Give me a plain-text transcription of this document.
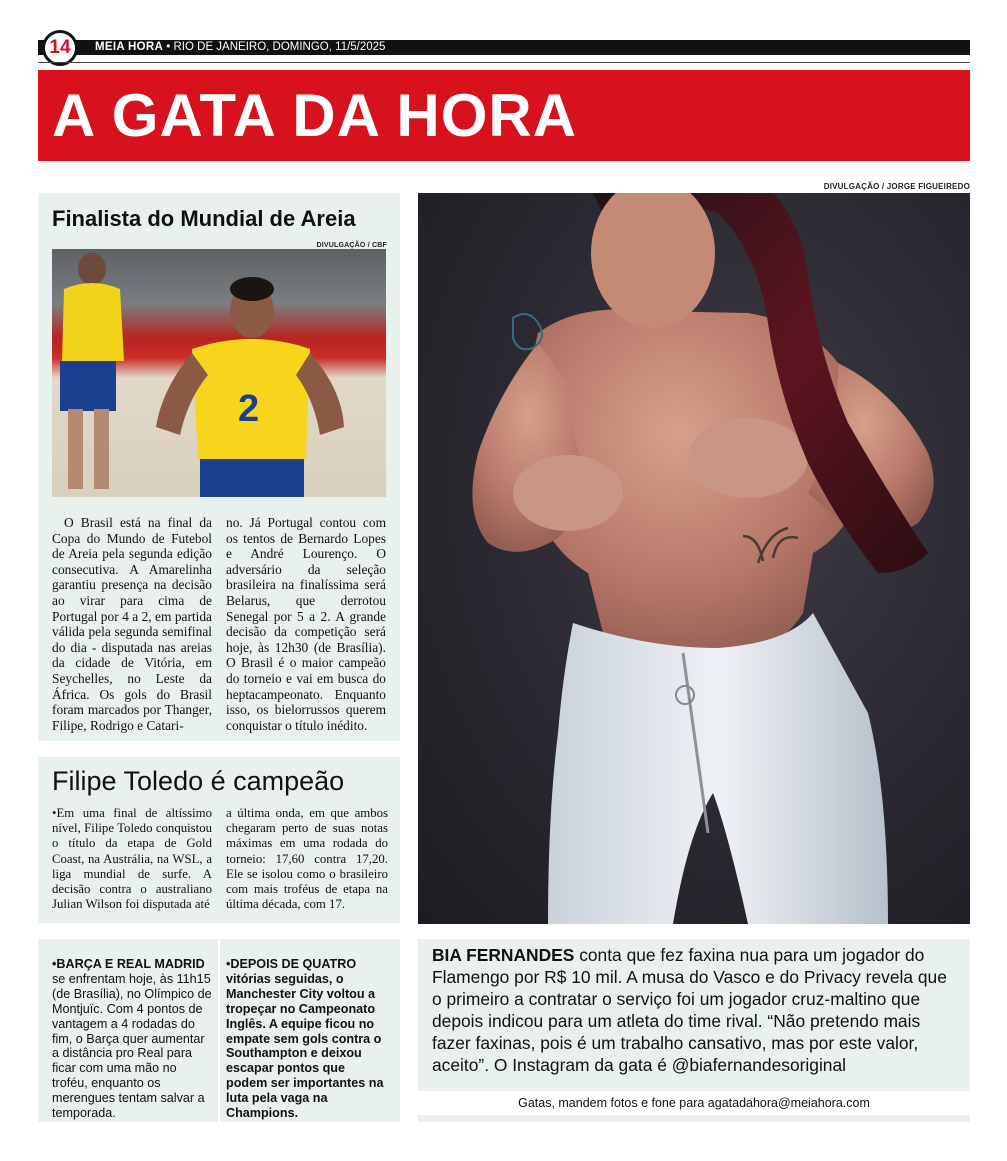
14	MEIA HORA • RIO DE JANEIRO, DOMINGO, 11/5/2025
A GATA DA HORA
DIVULGAÇÃO / JORGE FIGUEIREDO
Finalista do Mundial de Areia
DIVULGAÇÃO / CBF
2
O Brasil está na final da Copa do Mundo de Futebol de Areia pela segunda edição consecutiva. A Amarelinha garantiu presença na decisão ao virar para cima de Portugal por 4 a 2, em partida válida pela segunda semifinal do dia - disputada nas areias da cidade de Vitória, em Seychelles, no Leste da África. Os gols do Brasil foram marcados por Thanger, Filipe, Rodrigo e Catari-
no. Já Portugal contou com os tentos de Bernardo Lopes e André Lourenço. O adversário da seleção brasileira na finalíssima será Belarus, que derrotou Senegal por 5 a 2. A grande decisão da competição será hoje, às 12h30 (de Brasília). O Brasil é o maior campeão do torneio e vai em busca do heptacampeonato. Enquanto isso, os bielorrussos querem conquistar o título inédito.
Filipe Toledo é campeão
•Em uma final de altíssimo nível, Filipe Toledo conquistou o título da etapa de Gold Coast, na Austrália, na WSL, a liga mundial de surfe. A decisão contra o australiano Julian Wilson foi disputada até
a última onda, em que ambos chegaram perto de suas notas máximas em uma rodada do torneio: 17,60 contra 17,20. Ele se isolou como o brasileiro com mais troféus de etapa na última década, com 17.
•BARÇA E REAL MADRID se enfrentam hoje, às 11h15 (de Brasília), no Olímpico de Montjuïc. Com 4 pontos de vantagem a 4 rodadas do fim, o Barça quer aumentar a distância pro Real para ficar com uma mão no troféu, enquanto os merengues tentam salvar a temporada.
•DEPOIS DE QUATRO vitórias seguidas, o Manchester City voltou a tropeçar no Campeonato Inglês. A equipe ficou no empate sem gols contra o Southampton e deixou escapar pontos que podem ser importantes na luta pela vaga na Champions.
BIA FERNANDES conta que fez faxina nua para um jogador do Flamengo por R$ 10 mil. A musa do Vasco e do Privacy revela que o primeiro a contratar o serviço foi um jogador cruz-maltino que depois indicou para um atleta do time rival. “Não pretendo mais fazer faxinas, pois é um trabalho cansativo, mas por este valor, aceito”. O Instagram da gata é @biafernandesoriginal
Gatas, mandem fotos e fone para agatadahora@meiahora.com
